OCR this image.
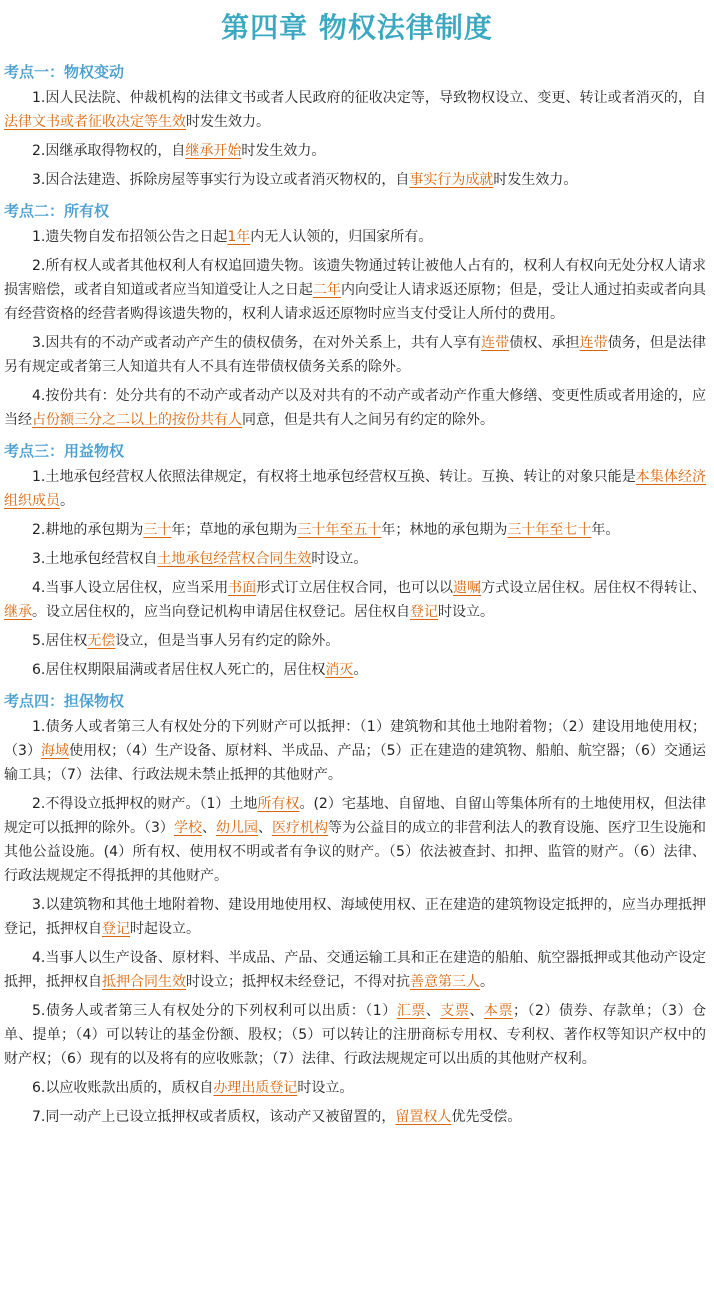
第四章 物权法律制度
考点一：物权变动

1.因人民法院、仲裁机构的法律文书或者人民政府的征收决定等，导致物权设立、变更、转让或者消灭的，自法律文书或者征收决定等生效时发生效力。

2.因继承取得物权的，自继承开始时发生效力。

3.因合法建造、拆除房屋等事实行为设立或者消灭物权的，自事实行为成就时发生效力。

考点二：所有权

1.遗失物自发布招领公告之日起1年内无人认领的，归国家所有。

2.所有权人或者其他权利人有权追回遗失物。该遗失物通过转让被他人占有的，权利人有权向无处分权人请求损害赔偿，或者自知道或者应当知道受让人之日起二年内向受让人请求返还原物；但是，受让人通过拍卖或者向具有经营资格的经营者购得该遗失物的，权利人请求返还原物时应当支付受让人所付的费用。

3.因共有的不动产或者动产产生的债权债务，在对外关系上，共有人享有连带债权、承担连带债务，但是法律另有规定或者第三人知道共有人不具有连带债权债务关系的除外。

4.按份共有：处分共有的不动产或者动产以及对共有的不动产或者动产作重大修缮、变更性质或者用途的，应当经占份额三分之二以上的按份共有人同意，但是共有人之间另有约定的除外。

考点三：用益物权

1.土地承包经营权人依照法律规定，有权将土地承包经营权互换、转让。互换、转让的对象只能是本集体经济组织成员。

2.耕地的承包期为三十年；草地的承包期为三十年至五十年；林地的承包期为三十年至七十年。

3.土地承包经营权自土地承包经营权合同生效时设立。

4.当事人设立居住权，应当采用书面形式订立居住权合同，也可以以遗嘱方式设立居住权。居住权不得转让、继承。设立居住权的，应当向登记机构申请居住权登记。居住权自登记时设立。

5.居住权无偿设立，但是当事人另有约定的除外。

6.居住权期限届满或者居住权人死亡的，居住权消灭。

考点四：担保物权

1.债务人或者第三人有权处分的下列财产可以抵押：（1）建筑物和其他土地附着物；（2）建设用地使用权；（3）海域使用权；（4）生产设备、原材料、半成品、产品；（5）正在建造的建筑物、船舶、航空器；（6）交通运输工具；（7）法律、行政法规未禁止抵押的其他财产。

2.不得设立抵押权的财产。（1）土地所有权。(2）宅基地、自留地、自留山等集体所有的土地使用权，但法律规定可以抵押的除外。（3）学校、幼儿园、医疗机构等为公益目的成立的非营利法人的教育设施、医疗卫生设施和其他公益设施。(4）所有权、使用权不明或者有争议的财产。（5）依法被查封、扣押、监管的财产。（6）法律、行政法规规定不得抵押的其他财产。

3.以建筑物和其他土地附着物、建设用地使用权、海域使用权、正在建造的建筑物设定抵押的，应当办理抵押登记，抵押权自登记时起设立。

4.当事人以生产设备、原材料、半成品、产品、交通运输工具和正在建造的船舶、航空器抵押或其他动产设定抵押，抵押权自抵押合同生效时设立；抵押权未经登记，不得对抗善意第三人。

5.债务人或者第三人有权处分的下列权利可以出质：（1）汇票、支票、本票；（2）债券、存款单；（3）仓单、提单；（4）可以转让的基金份额、股权；（5）可以转让的注册商标专用权、专利权、著作权等知识产权中的财产权；（6）现有的以及将有的应收账款；（7）法律、行政法规规定可以出质的其他财产权利。

6.以应收账款出质的，质权自办理出质登记时设立。

7.同一动产上已设立抵押权或者质权，该动产又被留置的，留置权人优先受偿。
